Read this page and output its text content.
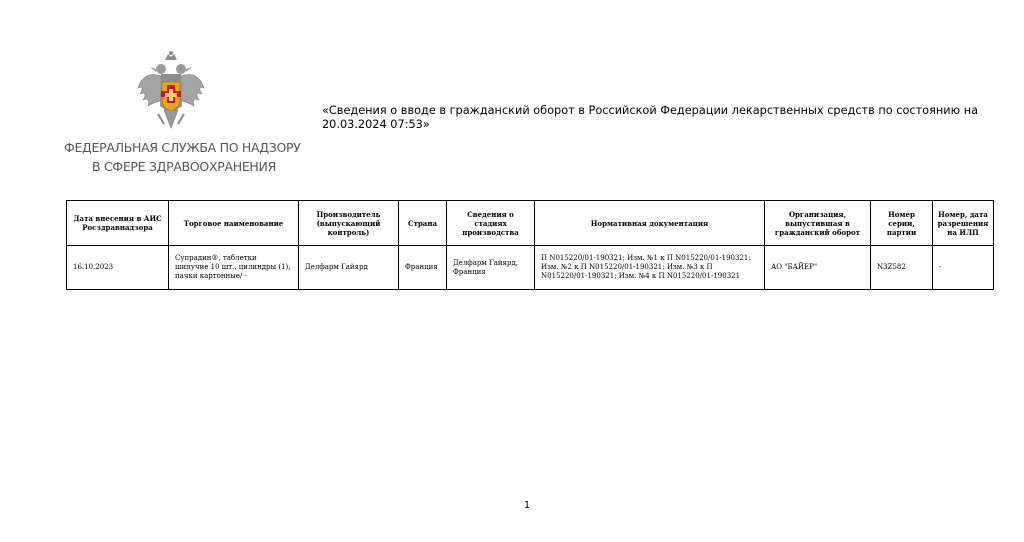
ФЕДЕРАЛЬНАЯ СЛУЖБА ПО НАДЗОРУ
В СФЕРЕ ЗДРАВООХРАНЕНИЯ
«Сведения о вводе в гражданский оборот в Российской Федерации лекарственных средств по состоянию на 20.03.2024 07:53»
Дата внесения в АИС Росздравнадзора	Торговое наименование	Производитель (выпускающий контроль)	Страна	Сведения о стадиях производства	Нормативная документация	Организация, выпустившая в гражданский оборот	Номер серии, партии	Номер, дата разрешения на ИЛП
16.10.2023	Супрадин®, таблетки шипучие 10 шт., цилиндры (1), пачки картонные/ -	Делфарм Гайярд	Франция	Делфарм Гайярд, Франция	П N015220/01-190321; Изм. №1 к П N015220/01-190321; Изм. №2 к П N015220/01-190321; Изм. №3 к П N015220/01-190321; Изм. №4 к П N015220/01-190321	АО "БАЙЕР"	N3Z582	-
1
